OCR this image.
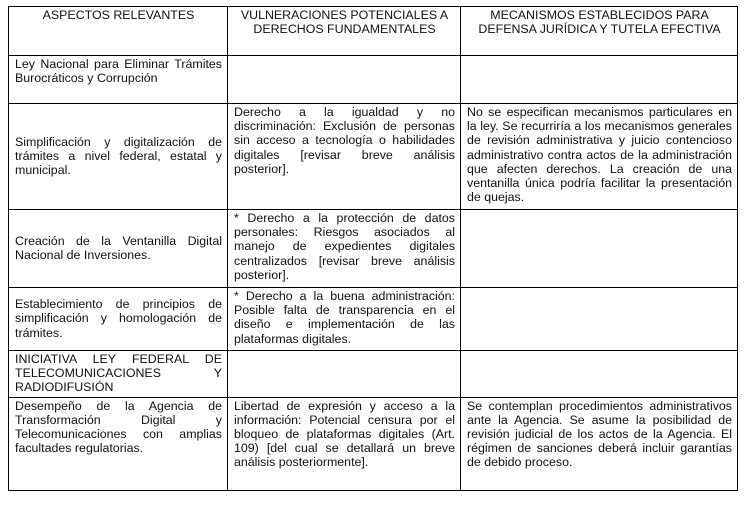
ASPECTOS RELEVANTES	VULNERACIONES POTENCIALES A DERECHOS FUNDAMENTALES	MECANISMOS ESTABLECIDOS PARA DEFENSA JURÍDICA Y TUTELA EFECTIVA
Ley Nacional para Eliminar Trámites Burocráticos y Corrupción		
Simplificación y digitalización de trámites a nivel federal, estatal y municipal.	Derecho a la igualdad y no discriminación: Exclusión de personas sin acceso a tecnología o habilidades digitales [revisar breve análisis posterior].	No se especifican mecanismos particulares en la ley. Se recurriría a los mecanismos generales de revisión administrativa y juicio contencioso administrativo contra actos de la administración que afecten derechos. La creación de una ventanilla única podría facilitar la presentación de quejas.
Creación de la Ventanilla Digital Nacional de Inversiones.	* Derecho a la protección de datos personales: Riesgos asociados al manejo de expedientes digitales centralizados [revisar breve análisis posterior].	
Establecimiento de principios de simplificación y homologación de trámites.	* Derecho a la buena administración: Posible falta de transparencia en el diseño e implementación de las plataformas digitales.	
INICIATIVA LEY FEDERAL DE TELECOMUNICACIONES Y RADIODIFUSIÓN		
Desempeño de la Agencia de Transformación Digital y Telecomunicaciones con amplias facultades regulatorias.	Libertad de expresión y acceso a la información: Potencial censura por el bloqueo de plataformas digitales (Art. 109) [del cual se detallará un breve análisis posteriormente].	Se contemplan procedimientos administrativos ante la Agencia. Se asume la posibilidad de revisión judicial de los actos de la Agencia. El régimen de sanciones deberá incluir garantías de debido proceso.
